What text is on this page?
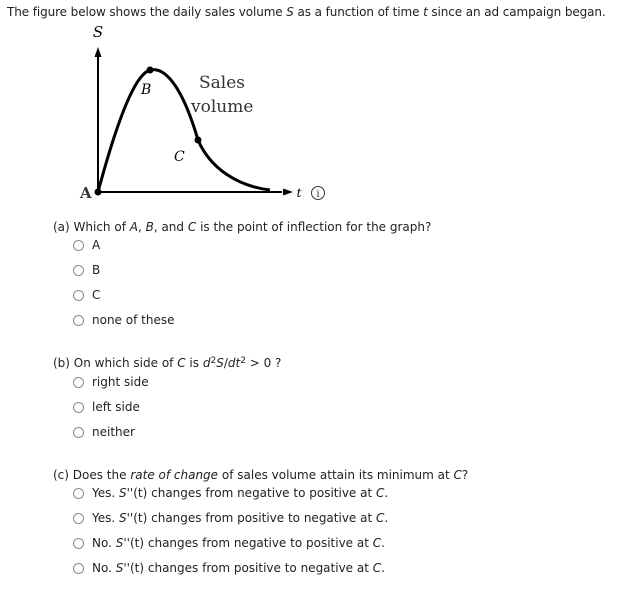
The figure below shows the daily sales volume S as a function of time t since an ad campaign began.
S
t i
A
B
C
Sales
volume
(a) Which of A, B, and C is the point of inflection for the graph?
A
B
C
none of these
(b) On which side of C is $d^2S/dt^2 > 0$ ?
right side
left side
neither
(c) Does the rate of change of sales volume attain its minimum at C?
Yes. S''(t) changes from negative to positive at C.
Yes. S''(t) changes from positive to negative at C.
No. S''(t) changes from negative to positive at C.
No. S''(t) changes from positive to negative at C.
